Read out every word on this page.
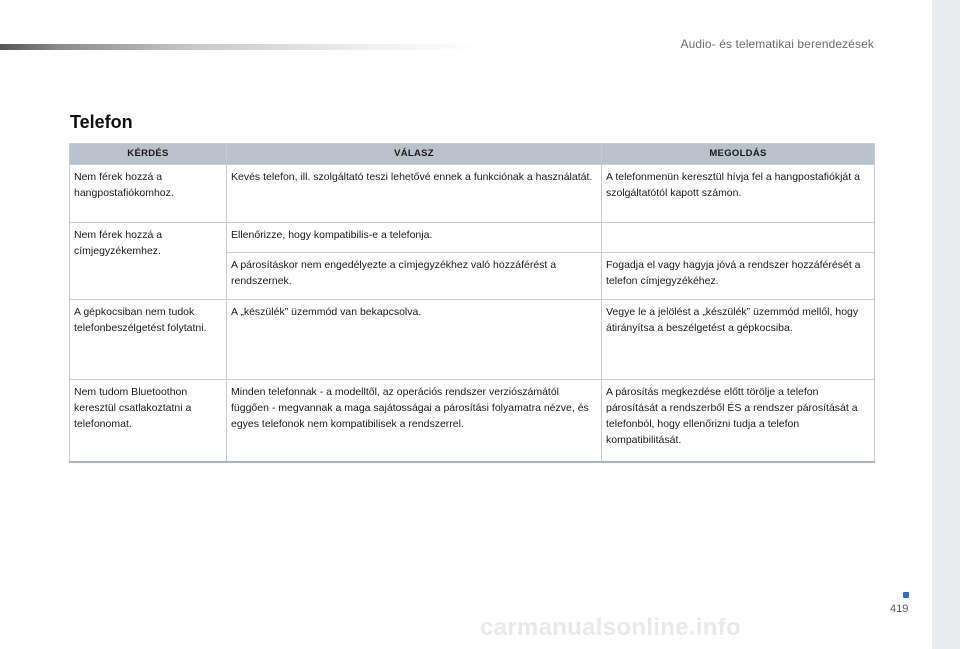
Audio- és telematikai berendezések
Telefon
KÉRDÉS	VÁLASZ	MEGOLDÁS
Nem férek hozzá a hangpostafiókomhoz.	Kevés telefon, ill. szolgáltató teszi lehetővé ennek a funkciónak a használatát.	A telefonmenün keresztül hívja fel a hangpostafiókját a szolgáltatótól kapott számon.
Nem férek hozzá a címjegyzékemhez.	Ellenőrizze, hogy kompatibilis-e a telefonja.	
	A párosításkor nem engedélyezte a címjegyzékhez való hozzáférést a rendszernek.	Fogadja el vagy hagyja jóvá a rendszer hozzáférését a telefon címjegyzékéhez.
A gépkocsiban nem tudok telefonbeszélgetést folytatni.	A „készülék” üzemmód van bekapcsolva.	Vegye le a jelölést a „készülék” üzemmód mellől, hogy átirányítsa a beszélgetést a gépkocsiba.
Nem tudom Bluetoothon keresztül csatlakoztatni a telefonomat.	Minden telefonnak - a modelltől, az operációs rendszer verziószámától függően - megvannak a maga sajátosságai a párosítási folyamatra nézve, és egyes telefonok nem kompatibilisek a rendszerrel.	A párosítás megkezdése előtt törölje a telefon párosítását a rendszerből ÉS a rendszer párosítását a telefonból, hogy ellenőrizni tudja a telefon kompatibilitását.
419
carmanualsonline.info
